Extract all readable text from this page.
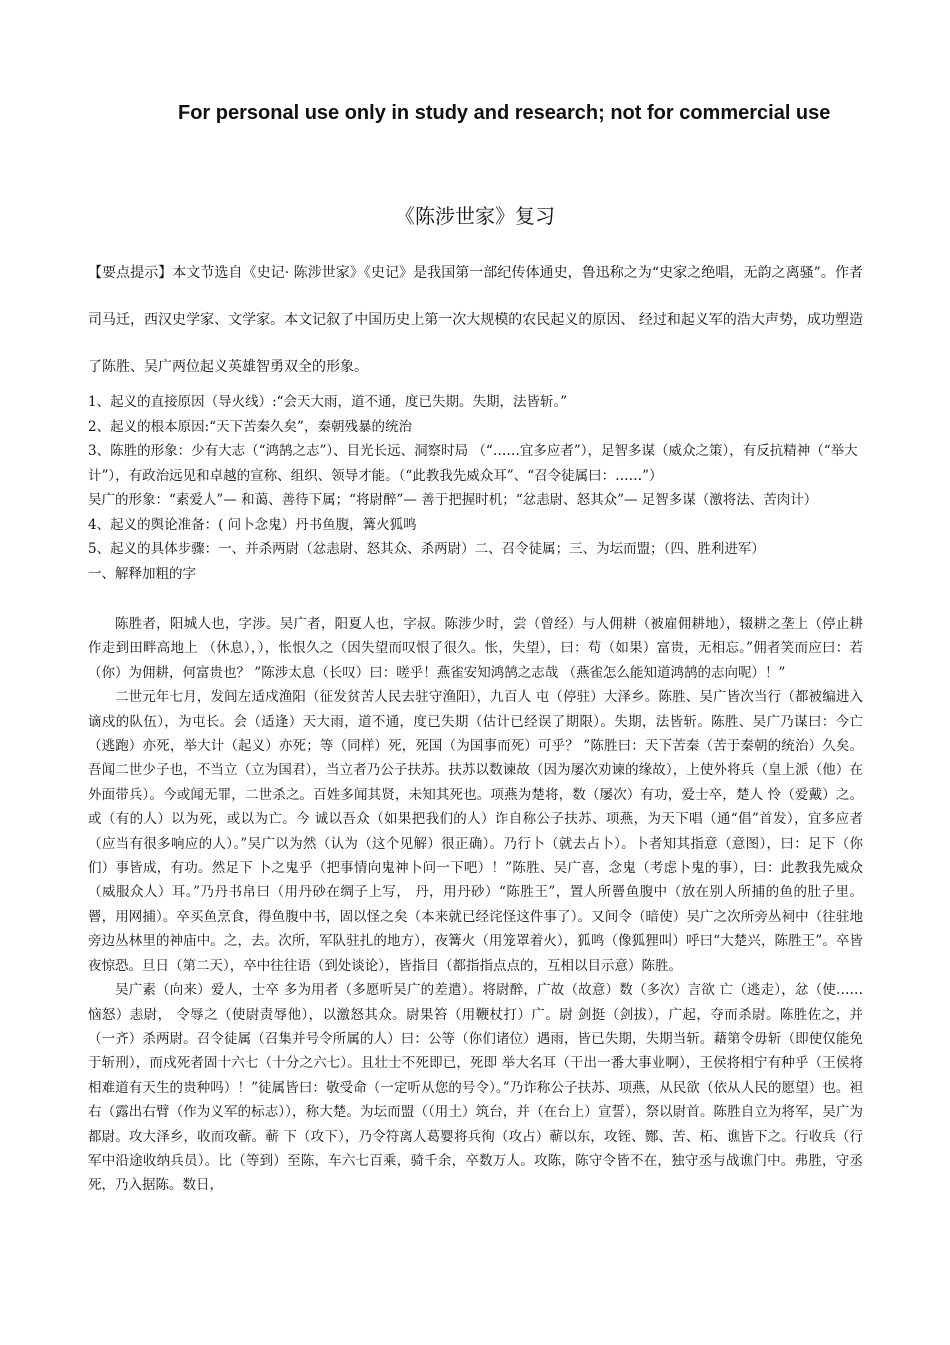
For personal use only in study and research; not for commercial use
《陈涉世家》复习
【要点提示】本文节选自《史记· 陈涉世家》《史记》是我国第一部纪传体通史，鲁迅称之为“史家之绝唱，无韵之离骚”。作者司马迁，西汉史学家、文学家。本文记叙了中国历史上第一次大规模的农民起义的原因、 经过和起义军的浩大声势，成功塑造了陈胜、吴广两位起义英雄智勇双全的形象。

1、起义的直接原因（导火线）:“会天大雨，道不通，度已失期。失期，法皆斩。”

2、起义的根本原因:“天下苦秦久矣”，秦朝残暴的统治

3、陈胜的形象：少有大志（“鸿鹄之志”）、目光长远、洞察时局 （“……宜多应者”），足智多谋（威众之策），有反抗精神（“举大计”），有政治远见和卓越的宣称、组织、领导才能。（“此教我先威众耳”、“召令徒属曰：……”）

吴广的形象：“素爱人”— 和蔼、善待下属；“将尉醉”— 善于把握时机；“忿恚尉、怒其众”— 足智多谋（激将法、苦肉计）

4、起义的舆论准备：( 问卜念鬼）丹书鱼腹，篝火狐鸣

5、起义的具体步骤：一、并杀两尉（忿恚尉、怒其众、杀两尉）二、召令徒属；三、为坛而盟；（四、胜利进军）

一、解释加粗的字

陈胜者，阳城人也，字涉。吴广者，阳夏人也，字叔。陈涉少时，尝（曾经）与人佣耕（被雇佣耕地），辍耕之垄上（停止耕作走到田畔高地上 （休息），），怅恨久之（因失望而叹恨了很久。怅，失望），曰：苟（如果）富贵，无相忘。”佣者笑而应曰：若（你）为佣耕，何富贵也？ ”陈涉太息（长叹）曰：嗟乎！燕雀安知鸿鹄之志哉 （燕雀怎么能知道鸿鹄的志向呢）！”

二世元年七月，发闾左适戍渔阳（征发贫苦人民去驻守渔阳），九百人 屯（停驻）大泽乡。陈胜、吴广皆次当行（都被编进入谪戍的队伍），为屯长。会（适逢）天大雨，道不通，度已失期（估计已经误了期限）。失期，法皆斩。陈胜、吴广乃谋曰：今亡（逃跑）亦死，举大计（起义）亦死；等（同样）死，死国（为国事而死）可乎？ ”陈胜曰：天下苦秦（苦于秦朝的统治）久矣。吾闻二世少子也，不当立（立为国君），当立者乃公子扶苏。扶苏以数谏故（因为屡次劝谏的缘故），上使外将兵（皇上派（他）在外面带兵）。今或闻无罪，二世杀之。百姓多闻其贤，未知其死也。项燕为楚将，数（屡次）有功，爱士卒，楚人 怜（爱戴）之。或（有的人）以为死，或以为亡。今 诚以吾众（如果把我们的人）诈自称公子扶苏、项燕，为天下唱（通“倡”首发），宜多应者（应当有很多响应的人）。”吴广以为然（认为（这个见解）很正确）。乃行卜（就去占卜）。卜者知其指意（意图），曰：足下（你们）事皆成，有功。然足下 卜之鬼乎（把事情向鬼神卜问一下吧）！”陈胜、吴广喜，念鬼（考虑卜鬼的事），曰：此教我先威众（威服众人）耳。”乃丹书帛曰（用丹砂在绸子上写， 丹，用丹砂）“陈胜王”，置人所罾鱼腹中（放在别人所捕的鱼的肚子里。 罾，用网捕）。卒买鱼烹食，得鱼腹中书，固以怪之矣（本来就已经诧怪这件事了）。又间令（暗使）吴广之次所旁丛祠中（往驻地旁边丛林里的神庙中。之，去。次所，军队驻扎的地方），夜篝火（用笼罩着火），狐鸣（像狐狸叫）呼曰“大楚兴，陈胜王”。卒皆夜惊恐。旦日（第二天），卒中往往语（到处谈论），皆指目（都指指点点的，互相以目示意）陈胜。

吴广素（向来）爱人，士卒 多为用者（多愿听吴广的差遣）。将尉醉，广故（故意）数（多次）言欲 亡（逃走），忿（使……恼怒）恚尉， 令辱之（使尉责辱他），以激怒其众。尉果笞（用鞭杖打）广。尉 剑挺（剑拔），广起，夺而杀尉。陈胜佐之，并（一齐）杀两尉。召令徒属（召集并号令所属的人）曰：公等（你们诸位）遇雨，皆已失期，失期当斩。藉第令毋斩（即使仅能免于斩刑），而戍死者固十六七（十分之六七）。且壮士不死即已，死即 举大名耳（干出一番大事业啊），王侯将相宁有种乎（王侯将相难道有天生的贵种吗）！”徒属皆曰：敬受命（一定听从您的号令）。”乃诈称公子扶苏、项燕，从民欲（依从人民的愿望）也。袒右（露出右臂（作为义军的标志）），称大楚。为坛而盟（（用土）筑台，并（在台上）宣誓），祭以尉首。陈胜自立为将军，吴广为都尉。攻大泽乡，收而攻蕲。蕲 下（攻下），乃令符离人葛婴将兵徇（攻占）蕲以东，攻铚、酂、苦、柘、谯皆下之。行收兵（行军中沿途收纳兵员）。比（等到）至陈，车六七百乘，骑千余，卒数万人。攻陈，陈守令皆不在，独守丞与战谯门中。弗胜，守丞死，乃入据陈。数日，
